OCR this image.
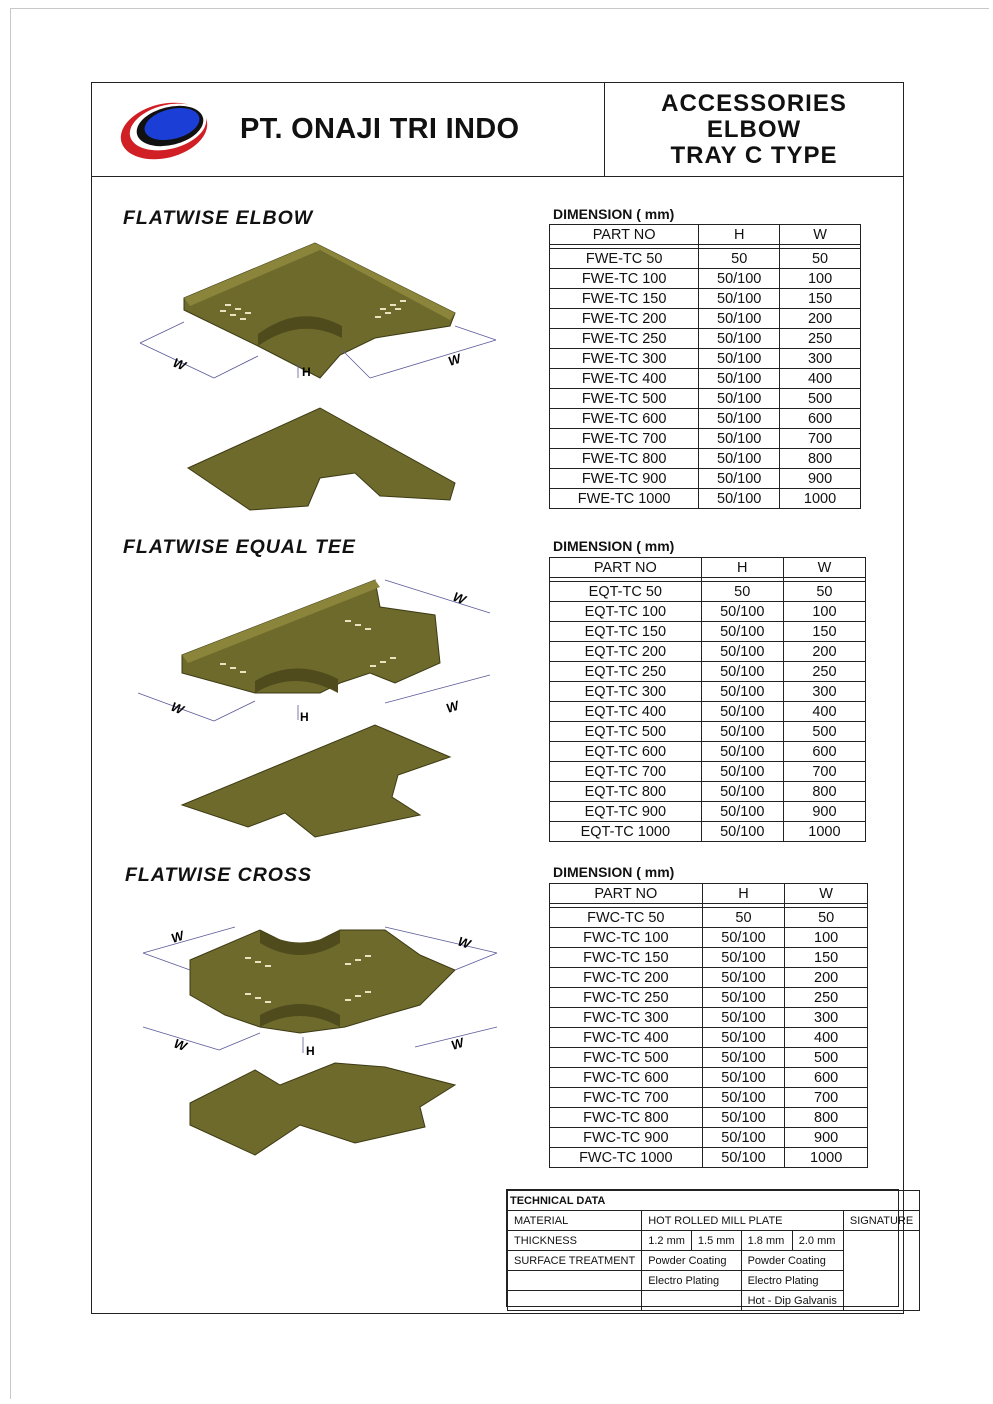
PT. ONAJI TRI INDO
ACCESSORIES
ELBOW
TRAY C TYPE
FLATWISE ELBOW
FLATWISE EQUAL TEE
FLATWISE CROSS
DIMENSION ( mm)
DIMENSION ( mm)
DIMENSION ( mm)
PART NO	H	W

FWE-TC 50	50	50
FWE-TC 100	50/100	100
FWE-TC 150	50/100	150
FWE-TC 200	50/100	200
FWE-TC 250	50/100	250
FWE-TC 300	50/100	300
FWE-TC 400	50/100	400
FWE-TC 500	50/100	500
FWE-TC 600	50/100	600
FWE-TC 700	50/100	700
FWE-TC 800	50/100	800
FWE-TC 900	50/100	900
FWE-TC 1000	50/100	1000
PART NO	H	W

EQT-TC 50	50	50
EQT-TC 100	50/100	100
EQT-TC 150	50/100	150
EQT-TC 200	50/100	200
EQT-TC 250	50/100	250
EQT-TC 300	50/100	300
EQT-TC 400	50/100	400
EQT-TC 500	50/100	500
EQT-TC 600	50/100	600
EQT-TC 700	50/100	700
EQT-TC 800	50/100	800
EQT-TC 900	50/100	900
EQT-TC 1000	50/100	1000
PART NO	H	W

FWC-TC 50	50	50
FWC-TC 100	50/100	100
FWC-TC 150	50/100	150
FWC-TC 200	50/100	200
FWC-TC 250	50/100	250
FWC-TC 300	50/100	300
FWC-TC 400	50/100	400
FWC-TC 500	50/100	500
FWC-TC 600	50/100	600
FWC-TC 700	50/100	700
FWC-TC 800	50/100	800
FWC-TC 900	50/100	900
FWC-TC 1000	50/100	1000
W	W
H
W
W
W
H
W	W
W	W
H
TECHNICAL DATA					
MATERIAL	HOT ROLLED MILL PLATE				SIGNATURE
THICKNESS	1.2 mm	1.5 mm	1.8 mm	2.0 mm	
SURFACE TREATMENT	Powder Coating		Powder Coating		
	Electro Plating		Electro Plating		
			Hot - Dip Galvanis		
